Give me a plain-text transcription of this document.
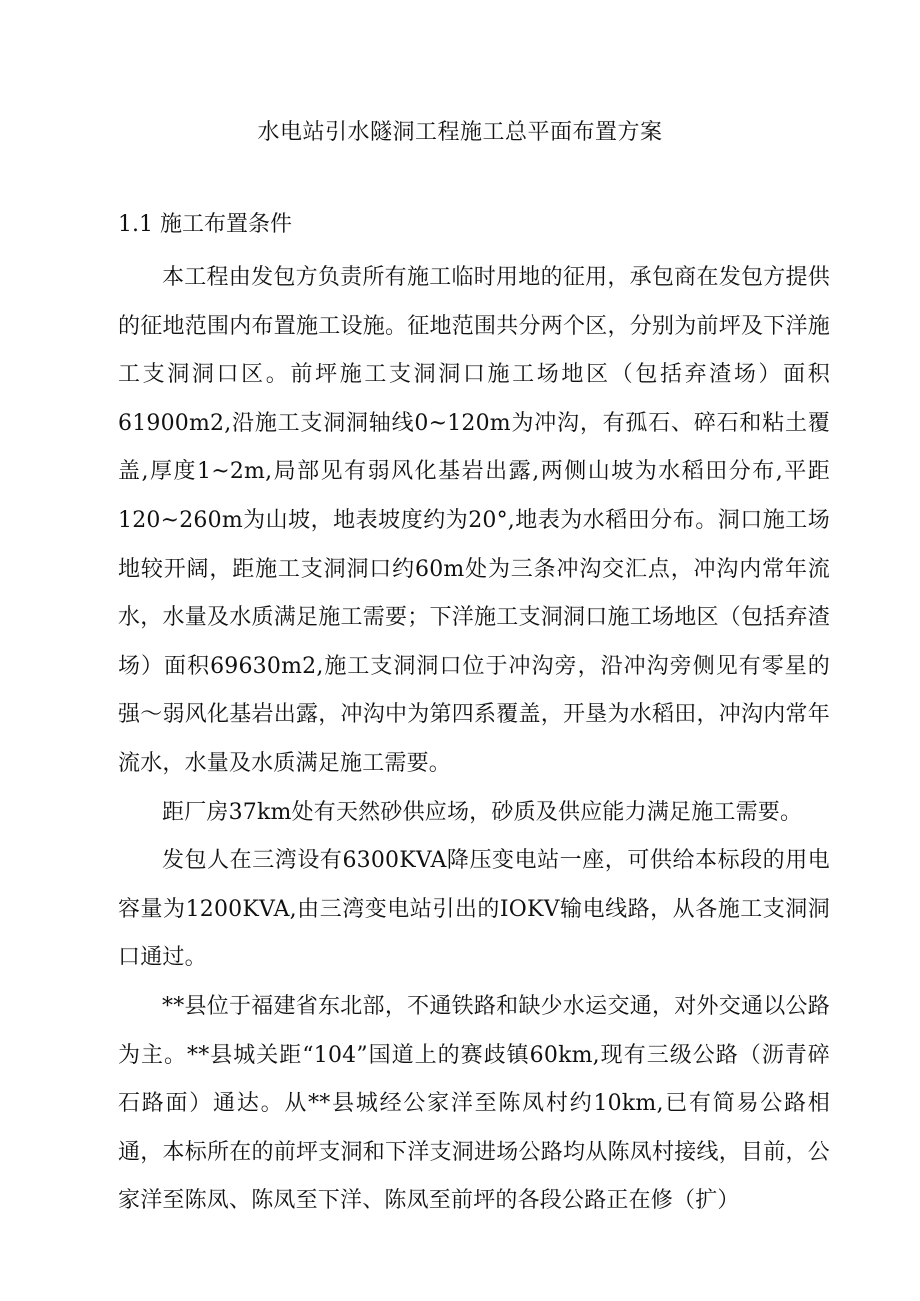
水电站引水隧洞工程施工总平面布置方案
1.1 施工布置条件

本工程由发包方负责所有施工临时用地的征用，承包商在发包方提供的征地范围内布置施工设施。征地范围共分两个区，分别为前坪及下洋施工支洞洞口区。前坪施工支洞洞口施工场地区（包括弃渣场）面积61900m2,沿施工支洞洞轴线0~120m为冲沟，有孤石、碎石和粘土覆盖,厚度1~2m,局部见有弱风化基岩出露,两侧山坡为水稻田分布,平距120~260m为山坡，地表坡度约为20°,地表为水稻田分布。洞口施工场地较开阔，距施工支洞洞口约60m处为三条冲沟交汇点，冲沟内常年流水，水量及水质满足施工需要；下洋施工支洞洞口施工场地区（包括弃渣场）面积69630m2,施工支洞洞口位于冲沟旁，沿冲沟旁侧见有零星的强～弱风化基岩出露，冲沟中为第四系覆盖，开垦为水稻田，冲沟内常年流水，水量及水质满足施工需要。

距厂房37km处有天然砂供应场，砂质及供应能力满足施工需要。

发包人在三湾设有6300KVA降压变电站一座，可供给本标段的用电容量为1200KVA,由三湾变电站引出的IOKV输电线路，从各施工支洞洞口通过。

**县位于福建省东北部，不通铁路和缺少水运交通，对外交通以公路为主。**县城关距“104”国道上的赛歧镇60km,现有三级公路（沥青碎石路面）通达。从**县城经公家洋至陈凤村约10km,已有简易公路相通，本标所在的前坪支洞和下洋支洞进场公路均从陈凤村接线，目前，公家洋至陈凤、陈凤至下洋、陈凤至前坪的各段公路正在修（扩）
